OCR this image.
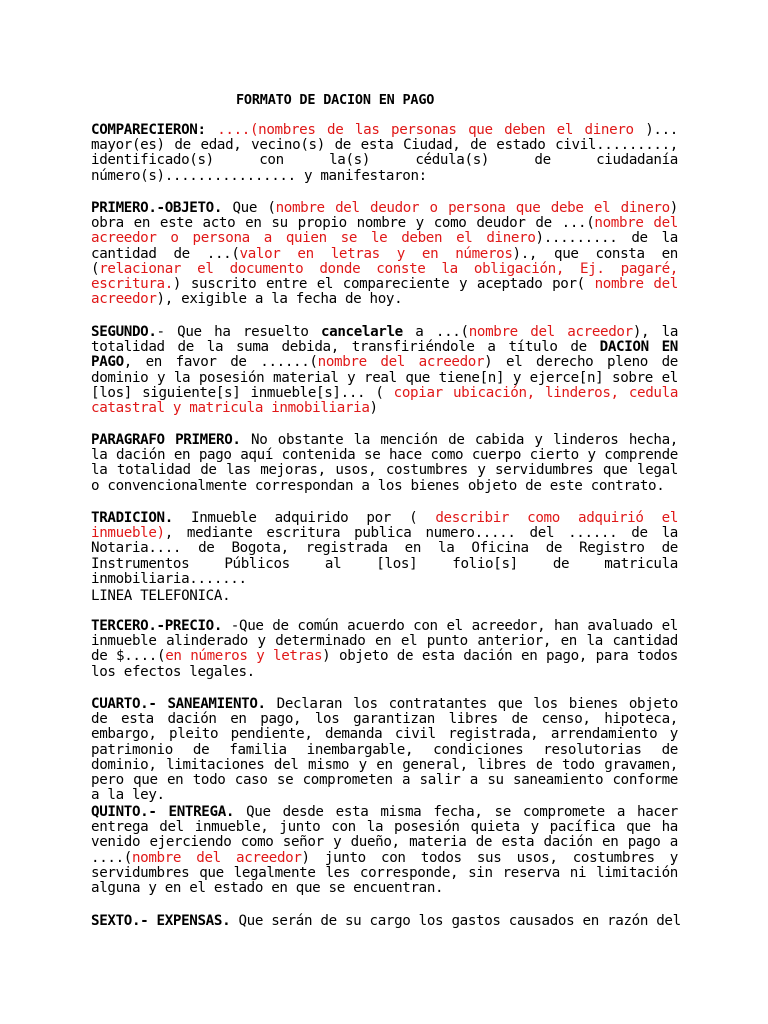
FORMATO DE DACION EN PAGO
COMPARECIERON: ....(nombres de las personas que deben el dinero )... mayor(es) de edad, vecino(s) de esta Ciudad, de estado civil........., identificado(s) con la(s) cédula(s) de ciudadanía número(s)................ y manifestaron:
PRIMERO.-OBJETO. Que (nombre del deudor o persona que debe el dinero) obra en este acto en su propio nombre y como deudor de ...(nombre del acreedor o persona a quien se le deben el dinero)......... de la cantidad de ...(valor en letras y en números)., que consta en (relacionar el documento donde conste la obligación, Ej. pagaré, escritura.) suscrito entre el compareciente y aceptado por( nombre del acreedor), exigible a la fecha de hoy.
SEGUNDO.- Que ha resuelto cancelarle a ...(nombre del acreedor), la totalidad de la suma debida, transfiriéndole a título de DACION EN PAGO, en favor de ......(nombre del acreedor) el derecho pleno de dominio y la posesión material y real que tiene[n] y ejerce[n] sobre el [los] siguiente[s] inmueble[s]... ( copiar ubicación, linderos, cedula catastral y matricula inmobiliaria)
PARAGRAFO PRIMERO. No obstante la mención de cabida y linderos hecha, la dación en pago aquí contenida se hace como cuerpo cierto y comprende la totalidad de las mejoras, usos, costumbres y servidumbres que legal o convencionalmente correspondan a los bienes objeto de este contrato.
TRADICION. Inmueble adquirido por ( describir como adquirió el inmueble), mediante escritura publica numero..... del ...... de la Notaria.... de Bogota, registrada en la Oficina de Registro de Instrumentos Públicos al [los] folio[s] de matricula inmobiliaria.......
LINEA TELEFONICA.
TERCERO.-PRECIO. -Que de común acuerdo con el acreedor, han avaluado el inmueble alinderado y determinado en el punto anterior, en la cantidad de $....(en números y letras) objeto de esta dación en pago, para todos los efectos legales.
CUARTO.- SANEAMIENTO. Declaran los contratantes que los bienes objeto de esta dación en pago, los garantizan libres de censo, hipoteca, embargo, pleito pendiente, demanda civil registrada, arrendamiento y patrimonio de familia inembargable, condiciones resolutorias de dominio, limitaciones del mismo y en general, libres de todo gravamen, pero que en todo caso se comprometen a salir a su saneamiento conforme a la ley.
QUINTO.- ENTREGA. Que desde esta misma fecha, se compromete a hacer entrega del inmueble, junto con la posesión quieta y pacífica que ha venido ejerciendo como señor y dueño, materia de esta dación en pago a ....(nombre del acreedor) junto con todos sus usos, costumbres y servidumbres que legalmente les corresponde, sin reserva ni limitación alguna y en el estado en que se encuentran.
SEXTO.- EXPENSAS. Que serán de su cargo los gastos causados en razón del
